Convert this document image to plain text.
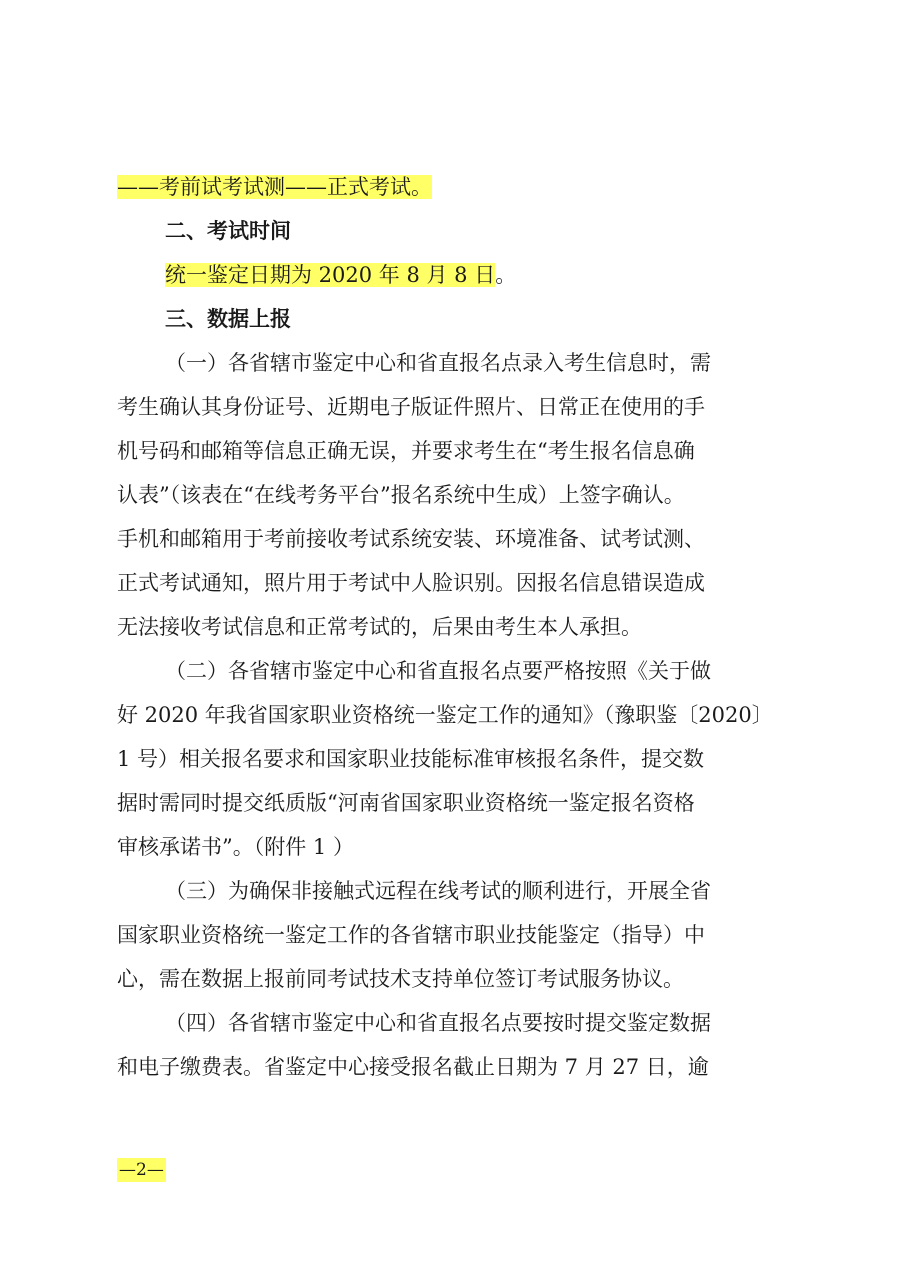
——考前试考试测——正式考试。
二、考试时间
统一鉴定日期为 2020 年 8 月 8 日。
三、数据上报
（一）各省辖市鉴定中心和省直报名点录入考生信息时，需
考生确认其身份证号、近期电子版证件照片、日常正在使用的手
机号码和邮箱等信息正确无误，并要求考生在“考生报名信息确
认表”（该表在“在线考务平台”报名系统中生成）上签字确认。
手机和邮箱用于考前接收考试系统安装、环境准备、试考试测、
正式考试通知，照片用于考试中人脸识别。因报名信息错误造成
无法接收考试信息和正常考试的，后果由考生本人承担。
（二）各省辖市鉴定中心和省直报名点要严格按照《关于做
好 2020 年我省国家职业资格统一鉴定工作的通知》（豫职鉴〔2020〕
1 号）相关报名要求和国家职业技能标准审核报名条件，提交数
据时需同时提交纸质版“河南省国家职业资格统一鉴定报名资格
审核承诺书”。（附件 1 ）
（三）为确保非接触式远程在线考试的顺利进行，开展全省
国家职业资格统一鉴定工作的各省辖市职业技能鉴定（指导）中
心，需在数据上报前同考试技术支持单位签订考试服务协议。
（四）各省辖市鉴定中心和省直报名点要按时提交鉴定数据
和电子缴费表。省鉴定中心接受报名截止日期为 7 月 27 日，逾
—2—
